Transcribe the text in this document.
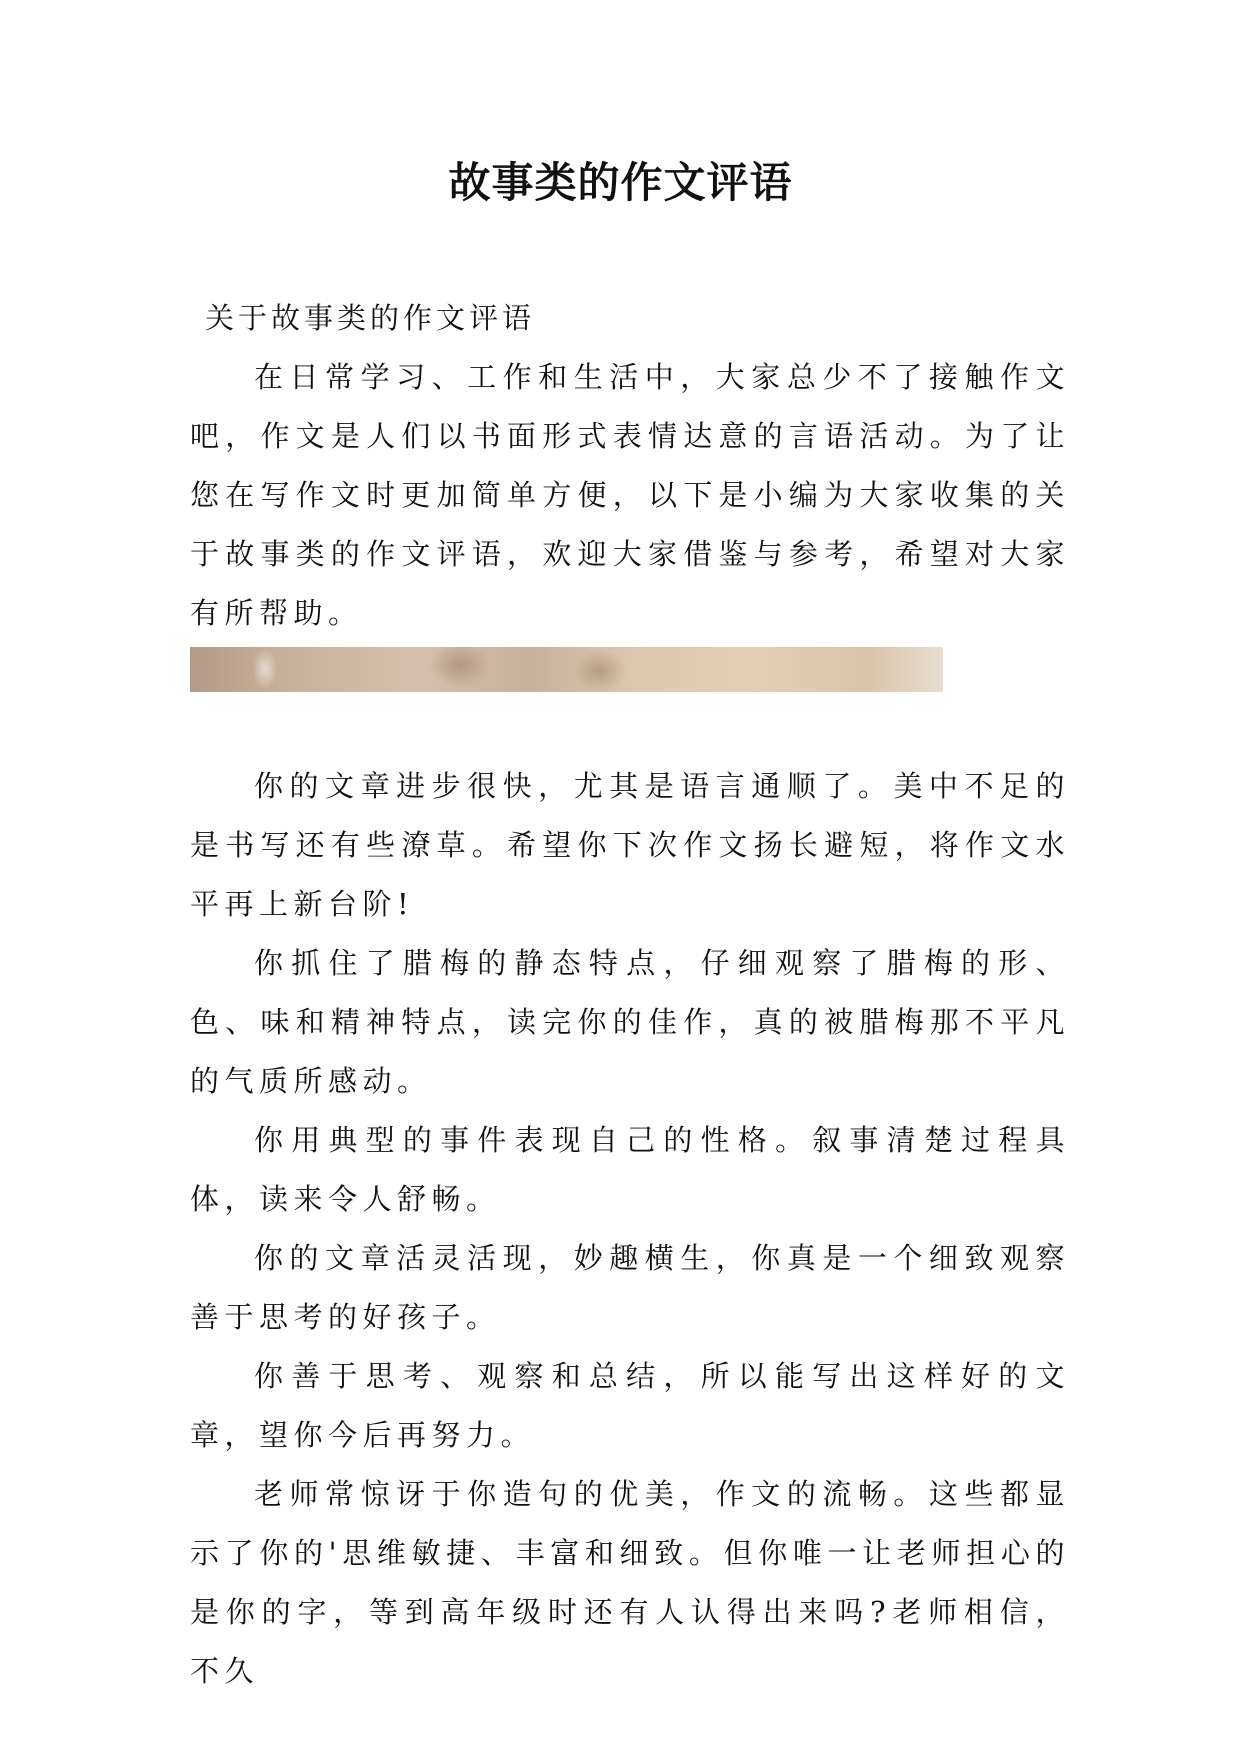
故事类的作文评语

关于故事类的作文评语

在日常学习、工作和生活中，大家总少不了接触作文吧，作文是人们以书面形式表情达意的言语活动。为了让您在写作文时更加简单方便，以下是小编为大家收集的关于故事类的作文评语，欢迎大家借鉴与参考，希望对大家有所帮助。

你的文章进步很快，尤其是语言通顺了。美中不足的是书写还有些潦草。希望你下次作文扬长避短，将作文水平再上新台阶!

你抓住了腊梅的静态特点，仔细观察了腊梅的形、色、味和精神特点，读完你的佳作，真的被腊梅那不平凡的气质所感动。

你用典型的事件表现自己的性格。叙事清楚过程具体，读来令人舒畅。

你的文章活灵活现，妙趣横生，你真是一个细致观察善于思考的好孩子。

你善于思考、观察和总结，所以能写出这样好的文章，望你今后再努力。

老师常惊讶于你造句的优美，作文的流畅。这些都显示了你的'思维敏捷、丰富和细致。但你唯一让老师担心的是你的字，等到高年级时还有人认得出来吗?老师相信，不久
